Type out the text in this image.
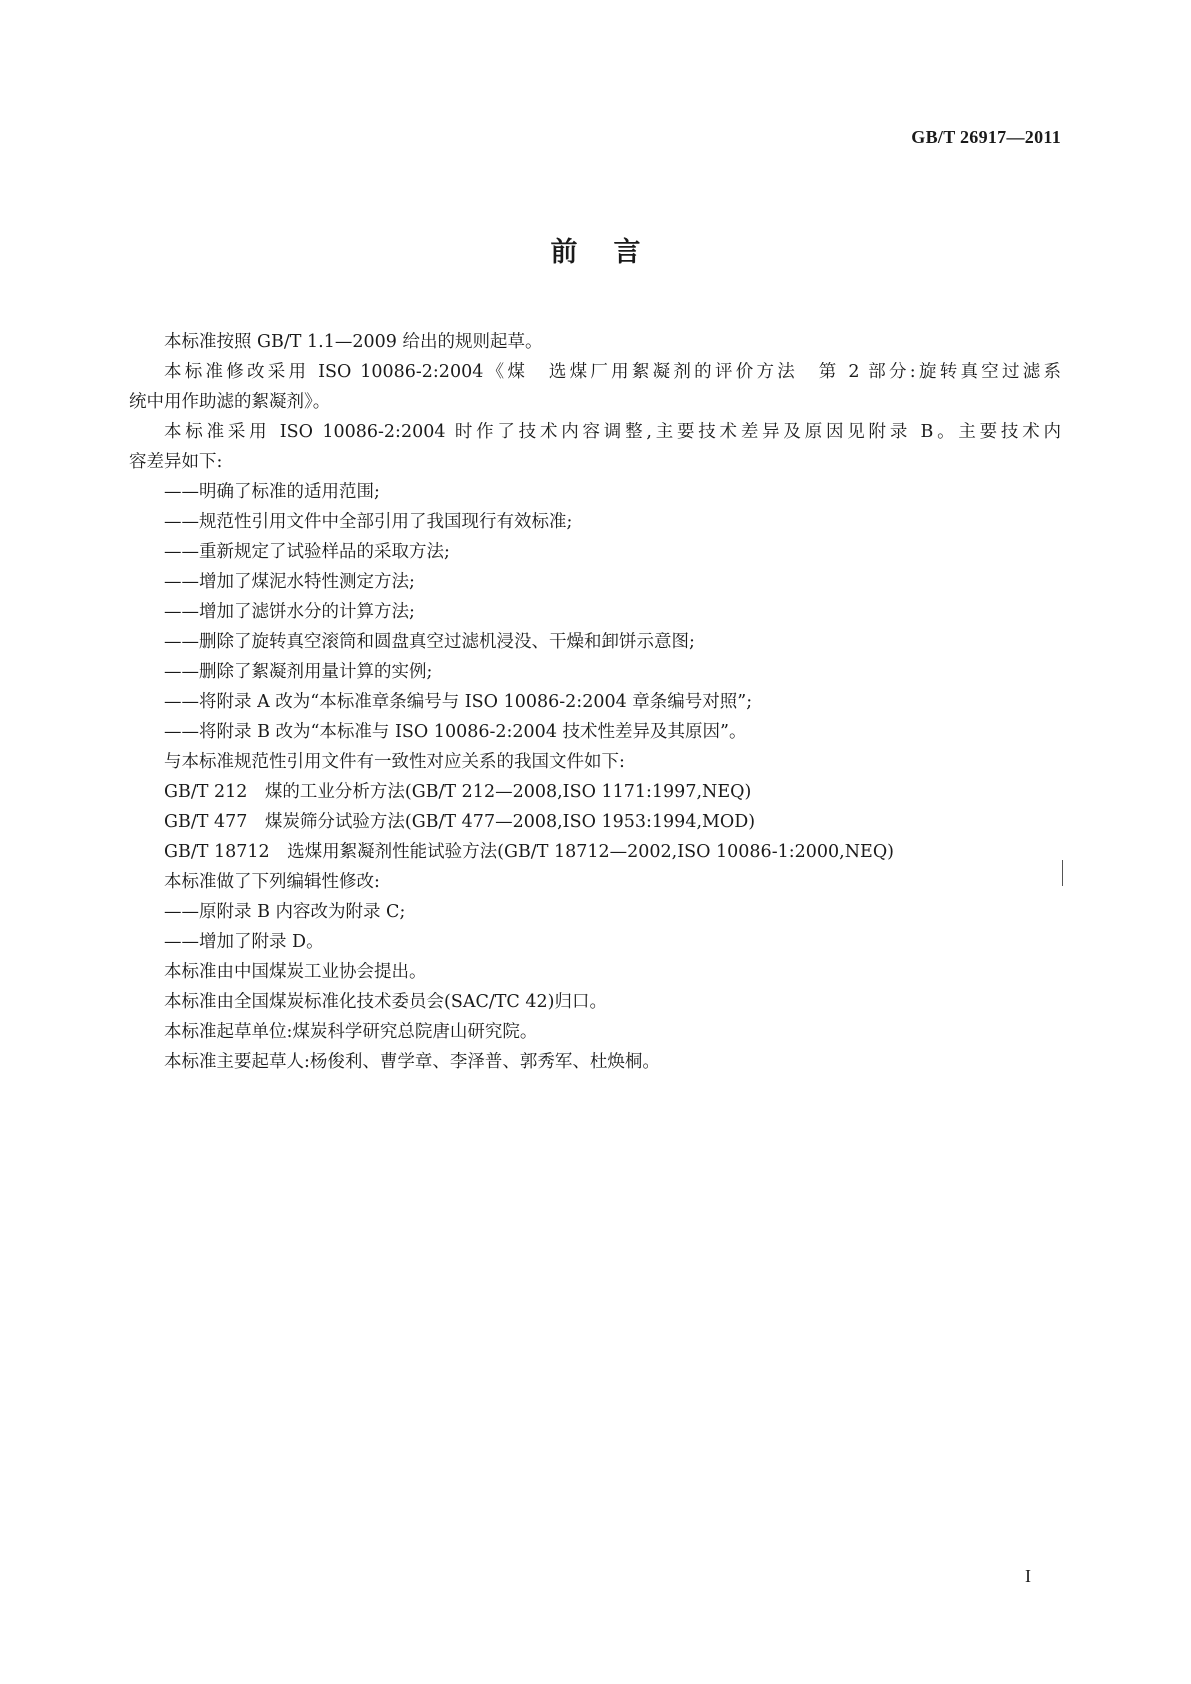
GB/T 26917—2011
前言
本标准按照 GB/T 1.1—2009 给出的规则起草。
本标准修改采用 ISO 10086-2:2004《煤　选煤厂用絮凝剂的评价方法　第 2 部分:旋转真空过滤系
统中用作助滤的絮凝剂》。
本标准采用 ISO 10086-2:2004 时作了技术内容调整,主要技术差异及原因见附录 B。主要技术内
容差异如下:
——明确了标准的适用范围;
——规范性引用文件中全部引用了我国现行有效标准;
——重新规定了试验样品的采取方法;
——增加了煤泥水特性测定方法;
——增加了滤饼水分的计算方法;
——删除了旋转真空滚筒和圆盘真空过滤机浸没、干燥和卸饼示意图;
——删除了絮凝剂用量计算的实例;
——将附录 A 改为“本标准章条编号与 ISO 10086-2:2004 章条编号对照”;
——将附录 B 改为“本标准与 ISO 10086-2:2004 技术性差异及其原因”。
与本标准规范性引用文件有一致性对应关系的我国文件如下:
GB/T 212　煤的工业分析方法(GB/T 212—2008,ISO 1171:1997,NEQ)
GB/T 477　煤炭筛分试验方法(GB/T 477—2008,ISO 1953:1994,MOD)
GB/T 18712　选煤用絮凝剂性能试验方法(GB/T 18712—2002,ISO 10086-1:2000,NEQ)
本标准做了下列编辑性修改:
——原附录 B 内容改为附录 C;
——增加了附录 D。
本标准由中国煤炭工业协会提出。
本标准由全国煤炭标准化技术委员会(SAC/TC 42)归口。
本标准起草单位:煤炭科学研究总院唐山研究院。
本标准主要起草人:杨俊利、曹学章、李泽普、郭秀军、杜焕桐。
I
